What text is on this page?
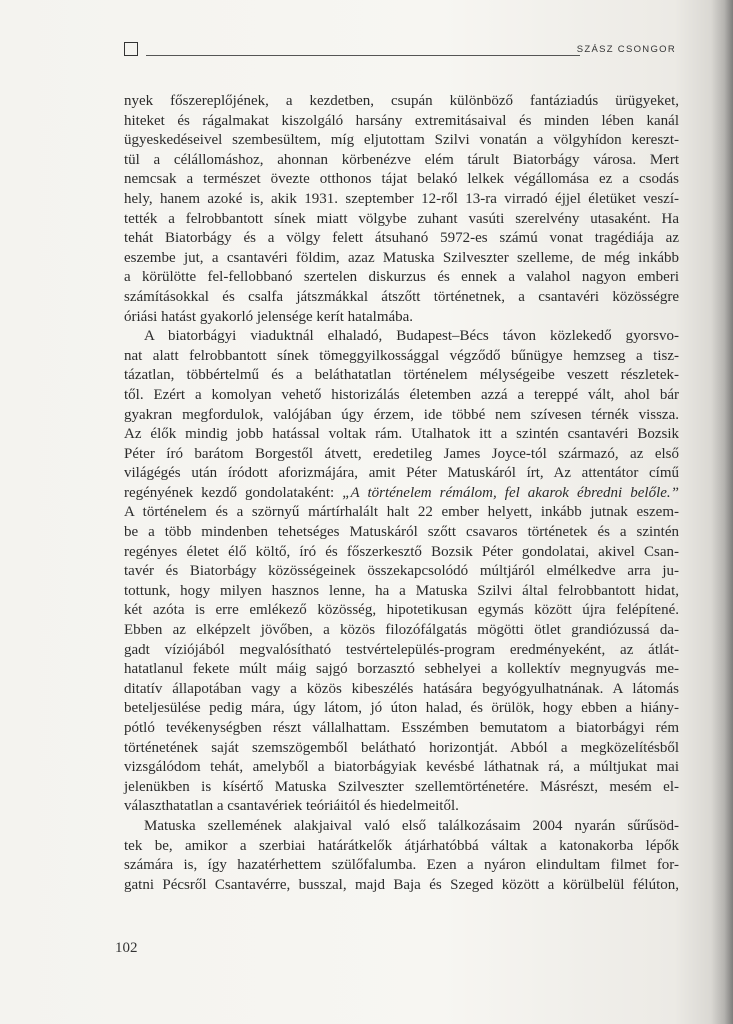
SZÁSZ CSONGOR
nyek főszereplőjének, a kezdetben, csupán különböző fantáziadús ürügyeket,
hiteket és rágalmakat kiszolgáló harsány extremitásaival és minden lében kanál
ügyeskedéseivel szembesültem, míg eljutottam Szilvi vonatán a völgyhídon kereszt-
tül a célállomáshoz, ahonnan körbenézve elém tárult Biatorbágy városa. Mert
nemcsak a természet övezte otthonos tájat belakó lelkek végállomása ez a csodás
hely, hanem azoké is, akik 1931. szeptember 12-ről 13-ra virradó éjjel életüket veszí-
tették a felrobbantott sínek miatt völgybe zuhant vasúti szerelvény utasaként. Ha
tehát Biatorbágy és a völgy felett átsuhanó 5972-es számú vonat tragédiája az
eszembe jut, a csantavéri földim, azaz Matuska Szilveszter szelleme, de még inkább
a körülötte fel-fellobbanó szertelen diskurzus és ennek a valahol nagyon emberi
számításokkal és csalfa játszmákkal átszőtt történetnek, a csantavéri közösségre
óriási hatást gyakorló jelensége kerít hatalmába.
A biatorbágyi viaduktnál elhaladó, Budapest–Bécs távon közlekedő gyorsvo-
nat alatt felrobbantott sínek tömeggyilkossággal végződő bűnügye hemzseg a tisz-
tázatlan, többértelmű és a beláthatatlan történelem mélységeibe veszett részletek-
től. Ezért a komolyan vehető historizálás életemben azzá a tereppé vált, ahol bár
gyakran megfordulok, valójában úgy érzem, ide többé nem szívesen térnék vissza.
Az élők mindig jobb hatással voltak rám. Utalhatok itt a szintén csantavéri Bozsik
Péter író barátom Borgestől átvett, eredetileg James Joyce-tól származó, az első
világégés után íródott aforizmájára, amit Péter Matuskáról írt, Az attentátor című
regényének kezdő gondolataként: „A történelem rémálom, fel akarok ébredni belőle.”
A történelem és a szörnyű mártírhalált halt 22 ember helyett, inkább jutnak eszem-
be a több mindenben tehetséges Matuskáról szőtt csavaros történetek és a szintén
regényes életet élő költő, író és főszerkesztő Bozsik Péter gondolatai, akivel Csan-
tavér és Biatorbágy közösségeinek összekapcsolódó múltjáról elmélkedve arra ju-
tottunk, hogy milyen hasznos lenne, ha a Matuska Szilvi által felrobbantott hidat,
két azóta is erre emlékező közösség, hipotetikusan egymás között újra felépítené.
Ebben az elképzelt jövőben, a közös filozófálgatás mögötti ötlet grandiózussá da-
gadt víziójából megvalósítható testvértelepülés-program eredményeként, az átlát-
hatatlanul fekete múlt máig sajgó borzasztó sebhelyei a kollektív megnyugvás me-
ditatív állapotában vagy a közös kibeszélés hatására begyógyulhatnának. A látomás
beteljesülése pedig mára, úgy látom, jó úton halad, és örülök, hogy ebben a hiány-
pótló tevékenységben részt vállalhattam. Esszémben bemutatom a biatorbágyi rém
történetének saját szemszögemből belátható horizontját. Abból a megközelítésből
vizsgálódom tehát, amelyből a biatorbágyiak kevésbé láthatnak rá, a múltjukat mai
jelenükben is kísértő Matuska Szilveszter szellemtörténetére. Másrészt, mesém el-
választhatatlan a csantavériek teóriáitól és hiedelmeitől.
Matuska szellemének alakjaival való első találkozásaim 2004 nyarán sűrűsöd-
tek be, amikor a szerbiai határátkelők átjárhatóbbá váltak a katonakorba lépők
számára is, így hazatérhettem szülőfalumba. Ezen a nyáron elindultam filmet for-
gatni Pécsről Csantavérre, busszal, majd Baja és Szeged között a körülbelül félúton,
102
